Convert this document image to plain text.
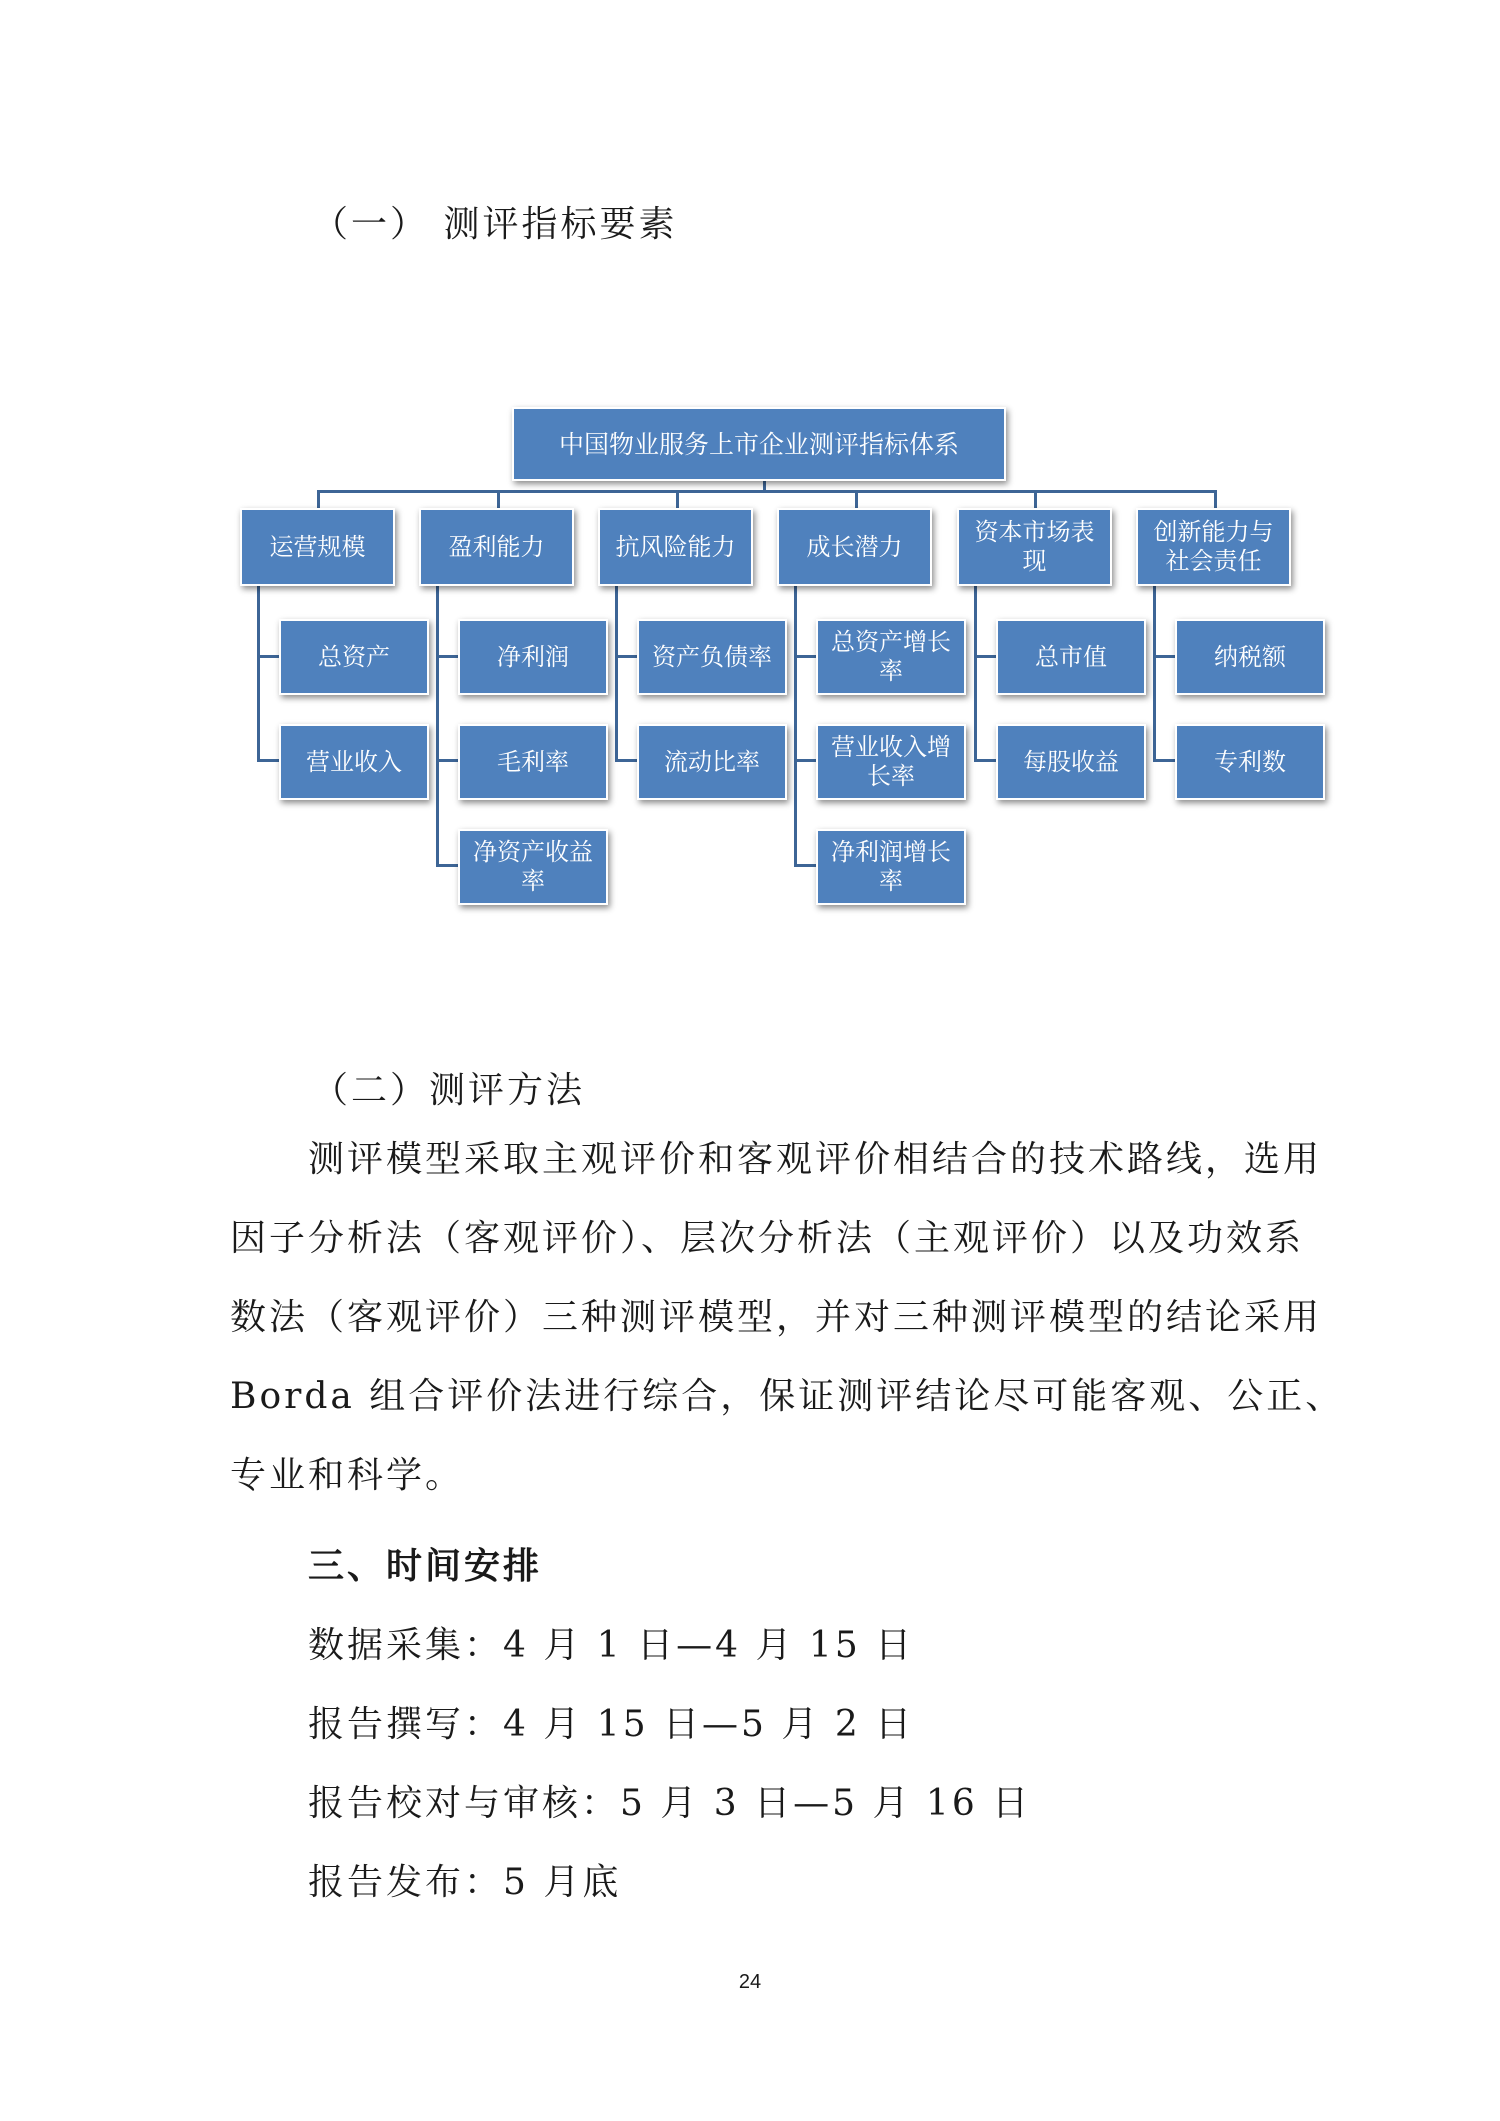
（一） 测评指标要素
中国物业服务上市企业测评指标体系
运营规模	盈利能力	抗风险能力	成长潜力
资本市场表现
创新能力与社会责任
总资产
营业收入
净利润
毛利率
净资产收益率
资产负债率
流动比率
总资产增长率
营业收入增长率
净利润增长率
总市值
每股收益
纳税额
专利数
（二）测评方法
测评模型采取主观评价和客观评价相结合的技术路线，选用
因子分析法（客观评价）、层次分析法（主观评价）以及功效系
数法（客观评价）三种测评模型，并对三种测评模型的结论采用
Borda 组合评价法进行综合，保证测评结论尽可能客观、公正、
专业和科学。
三、时间安排
数据采集：4 月 1 日—4 月 15 日
报告撰写：4 月 15 日—5 月 2 日
报告校对与审核：5 月 3 日—5 月 16 日
报告发布：5 月底
24
